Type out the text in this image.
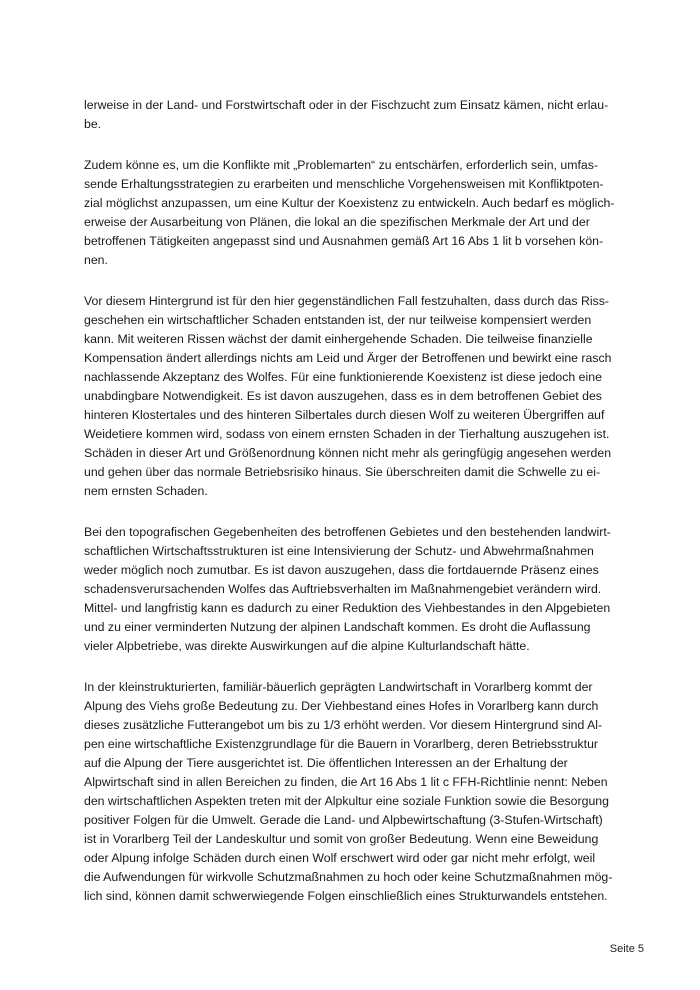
lerweise in der Land- und Forstwirtschaft oder in der Fischzucht zum Einsatz kämen, nicht erlau-
be.

Zudem könne es, um die Konflikte mit „Problemarten“ zu entschärfen, erforderlich sein, umfas-
sende Erhaltungsstrategien zu erarbeiten und menschliche Vorgehensweisen mit Konfliktpoten-
zial möglichst anzupassen, um eine Kultur der Koexistenz zu entwickeln. Auch bedarf es möglich-
erweise der Ausarbeitung von Plänen, die lokal an die spezifischen Merkmale der Art und der
betroffenen Tätigkeiten angepasst sind und Ausnahmen gemäß Art 16 Abs 1 lit b vorsehen kön-
nen.

Vor diesem Hintergrund ist für den hier gegenständlichen Fall festzuhalten, dass durch das Riss-
geschehen ein wirtschaftlicher Schaden entstanden ist, der nur teilweise kompensiert werden
kann. Mit weiteren Rissen wächst der damit einhergehende Schaden. Die teilweise finanzielle
Kompensation ändert allerdings nichts am Leid und Ärger der Betroffenen und bewirkt eine rasch
nachlassende Akzeptanz des Wolfes. Für eine funktionierende Koexistenz ist diese jedoch eine
unabdingbare Notwendigkeit. Es ist davon auszugehen, dass es in dem betroffenen Gebiet des
hinteren Klostertales und des hinteren Silbertales durch diesen Wolf zu weiteren Übergriffen auf
Weidetiere kommen wird, sodass von einem ernsten Schaden in der Tierhaltung auszugehen ist.
Schäden in dieser Art und Größenordnung können nicht mehr als geringfügig angesehen werden
und gehen über das normale Betriebsrisiko hinaus. Sie überschreiten damit die Schwelle zu ei-
nem ernsten Schaden.

Bei den topografischen Gegebenheiten des betroffenen Gebietes und den bestehenden landwirt-
schaftlichen Wirtschaftsstrukturen ist eine Intensivierung der Schutz- und Abwehrmaßnahmen
weder möglich noch zumutbar. Es ist davon auszugehen, dass die fortdauernde Präsenz eines
schadensverursachenden Wolfes das Auftriebsverhalten im Maßnahmengebiet verändern wird.
Mittel- und langfristig kann es dadurch zu einer Reduktion des Viehbestandes in den Alpgebieten
und zu einer verminderten Nutzung der alpinen Landschaft kommen. Es droht die Auflassung
vieler Alpbetriebe, was direkte Auswirkungen auf die alpine Kulturlandschaft hätte.

In der kleinstrukturierten, familiär-bäuerlich geprägten Landwirtschaft in Vorarlberg kommt der
Alpung des Viehs große Bedeutung zu. Der Viehbestand eines Hofes in Vorarlberg kann durch
dieses zusätzliche Futterangebot um bis zu 1/3 erhöht werden. Vor diesem Hintergrund sind Al-
pen eine wirtschaftliche Existenzgrundlage für die Bauern in Vorarlberg, deren Betriebsstruktur
auf die Alpung der Tiere ausgerichtet ist. Die öffentlichen Interessen an der Erhaltung der
Alpwirtschaft sind in allen Bereichen zu finden, die Art 16 Abs 1 lit c FFH-Richtlinie nennt: Neben
den wirtschaftlichen Aspekten treten mit der Alpkultur eine soziale Funktion sowie die Besorgung
positiver Folgen für die Umwelt. Gerade die Land- und Alpbewirtschaftung (3-Stufen-Wirtschaft)
ist in Vorarlberg Teil der Landeskultur und somit von großer Bedeutung. Wenn eine Beweidung
oder Alpung infolge Schäden durch einen Wolf erschwert wird oder gar nicht mehr erfolgt, weil
die Aufwendungen für wirkvolle Schutzmaßnahmen zu hoch oder keine Schutzmaßnahmen mög-
lich sind, können damit schwerwiegende Folgen einschließlich eines Strukturwandels entstehen.

Seite 5
